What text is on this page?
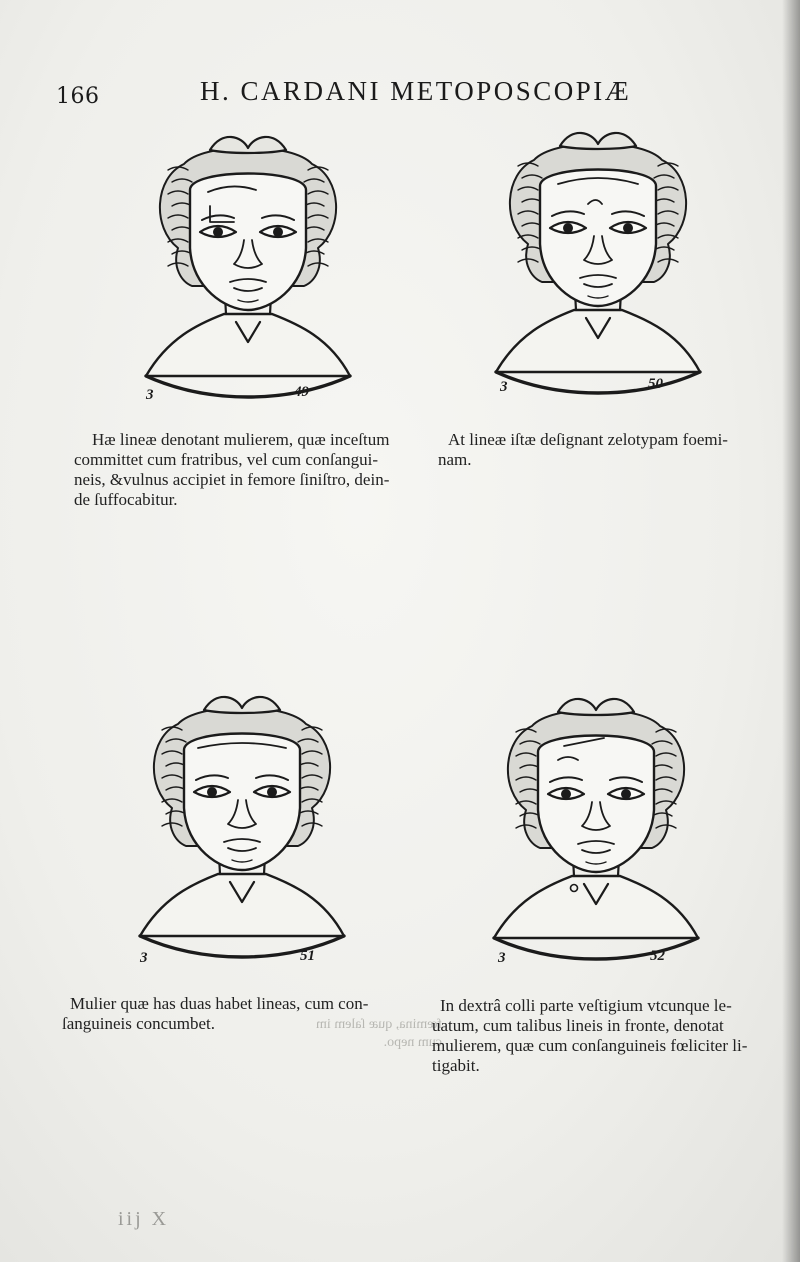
166	H. CARDANI METOPOSCOPIÆ
3	49	3	50
3	51	3	52
Hæ lineæ denotant mulierem, quæ inceſtum
committet cum fratribus, vel cum conſangui-
neis, &vulnus accipiet in femore ſiniſtro, dein-
de ſuffocabitur.
At lineæ iſtæ deſignant zelotypam foemi-
nam.
Mulier quæ has duas habet lineas, cum con-
ſanguineis concumbet.	fœmina, quæ ſalem im
cum nepo.
In dextrâ colli parte veſtigium vtcunque le-
uatum, cum talibus lineis in fronte, denotat
mulierem, quæ cum conſanguineis fœliciter li-
tigabit.
iij X
